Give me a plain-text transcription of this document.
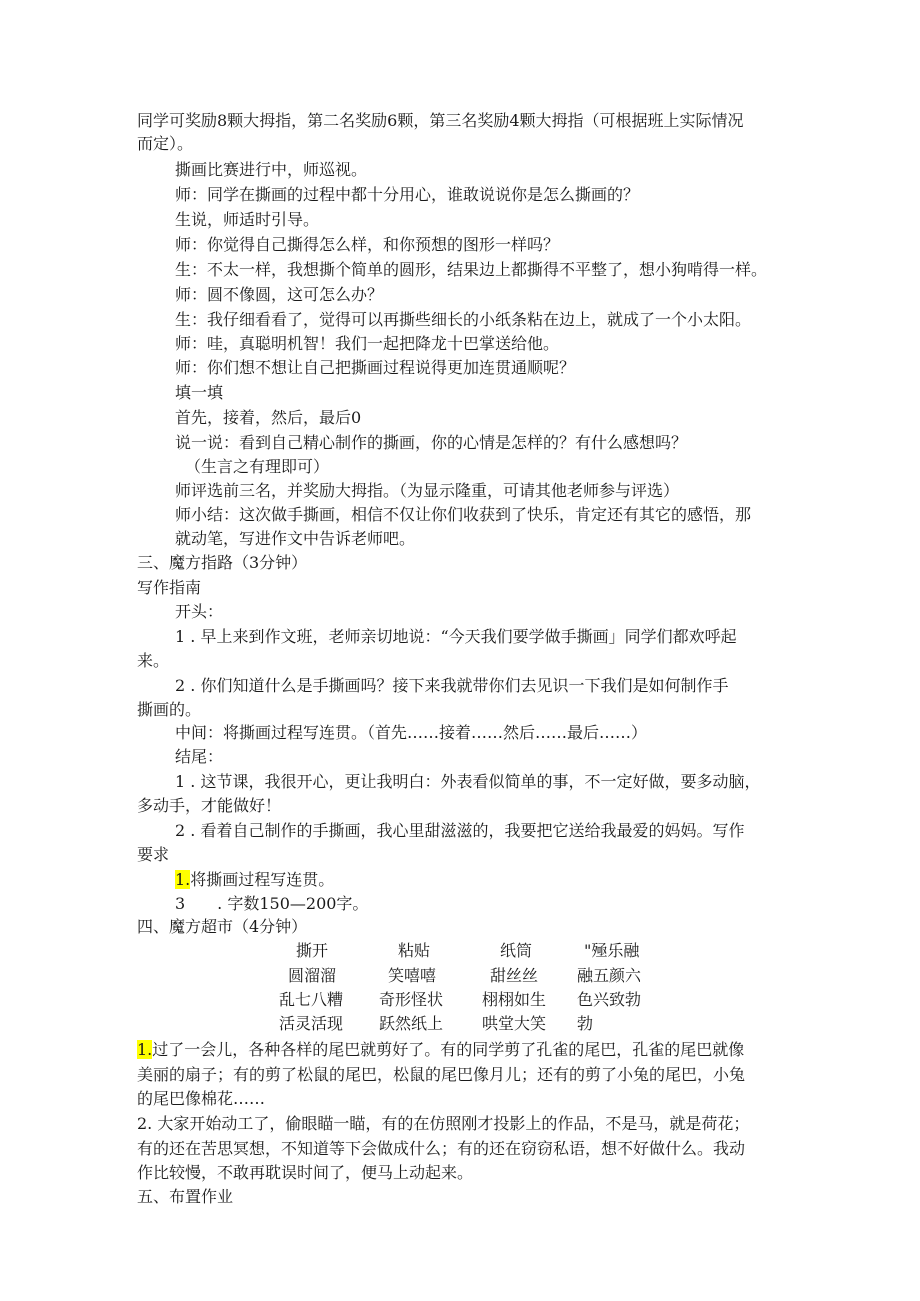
同学可奖励8颗大拇指，第二名奖励6颗，第三名奖励4颗大拇指（可根据班上实际情况
而定）。
撕画比赛进行中，师巡视。
师：同学在撕画的过程中都十分用心，谁敢说说你是怎么撕画的？
生说，师适时引导。
师：你觉得自己撕得怎么样，和你预想的图形一样吗？
生：不太一样，我想撕个简单的圆形，结果边上都撕得不平整了，想小狗啃得一样。
师：圆不像圆，这可怎么办？
生：我仔细看看了，觉得可以再撕些细长的小纸条粘在边上，就成了一个小太阳。
师：哇，真聪明机智！我们一起把降龙十巴掌送给他。
师：你们想不想让自己把撕画过程说得更加连贯通顺呢？
填一填
首先，接着，然后，最后0
说一说：看到自己精心制作的撕画，你的心情是怎样的？有什么感想吗？
（生言之有理即可）
师评选前三名，并奖励大拇指。（为显示隆重，可请其他老师参与评选）
师小结：这次做手撕画，相信不仅让你们收获到了快乐，肯定还有其它的感悟，那
就动笔，写进作文中告诉老师吧。
三、魔方指路（3分钟）
写作指南
开头：
1 . 早上来到作文班，老师亲切地说：“今天我们要学做手撕画」同学们都欢呼起
来。
2 . 你们知道什么是手撕画吗？接下来我就带你们去见识一下我们是如何制作手
撕画的。
中间：将撕画过程写连贯。（首先……接着……然后……最后……）
结尾：
1 . 这节课，我很开心，更让我明白：外表看似简单的事，不一定好做，要多动脑，
多动手，才能做好！
2 . 看着自己制作的手撕画，我心里甜滋滋的，我要把它送给我最爱的妈妈。写作
要求
1.将撕画过程写连贯。
3　　. 字数150—200字。
四、魔方超市（4分钟）
撕开	粘贴	纸筒	"殛乐融
圆溜溜	笑嘻嘻	甜丝丝 融五颜六
乱七八糟 奇形怪状 栩栩如生 色兴致勃
活灵活现 跃然纸上 哄堂大笑 勃
1.过了一会儿，各种各样的尾巴就剪好了。有的同学剪了孔雀的尾巴，孔雀的尾巴就像
美丽的扇子；有的剪了松鼠的尾巴，松鼠的尾巴像月儿；还有的剪了小兔的尾巴，小兔
的尾巴像棉花……
2. 大家开始动工了，偷眼瞄一瞄，有的在仿照刚才投影上的作品，不是马，就是荷花；
有的还在苦思冥想，不知道等下会做成什么；有的还在窃窃私语，想不好做什么。我动
作比较慢，不敢再耽误时间了，便马上动起来。
五、布置作业
